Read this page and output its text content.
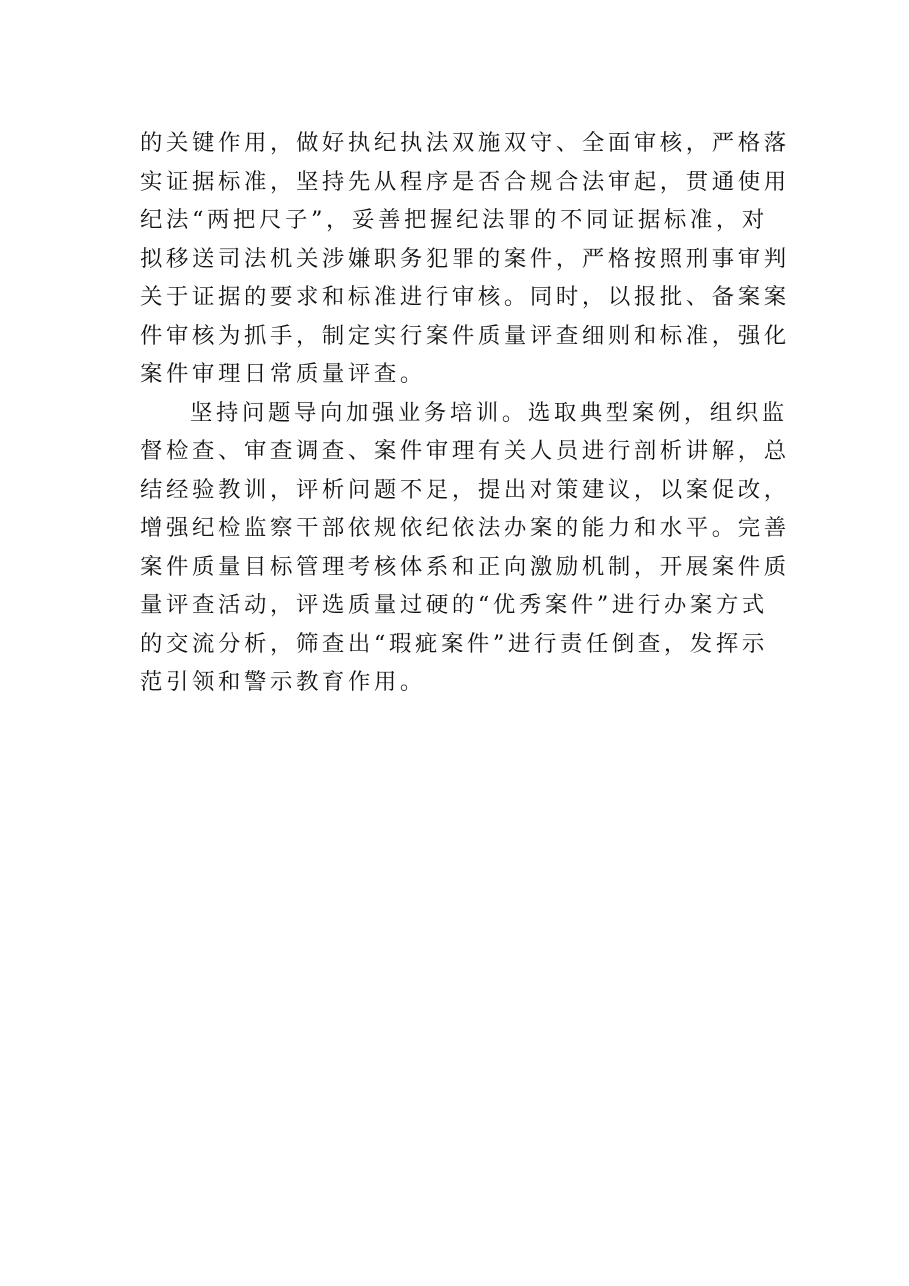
的关键作用，做好执纪执法双施双守、全面审核，严格落
实证据标准，坚持先从程序是否合规合法审起，贯通使用
纪法“两把尺子”，妥善把握纪法罪的不同证据标准，对
拟移送司法机关涉嫌职务犯罪的案件，严格按照刑事审判
关于证据的要求和标准进行审核。同时，以报批、备案案
件审核为抓手，制定实行案件质量评查细则和标准，强化
案件审理日常质量评查。

坚持问题导向加强业务培训。选取典型案例，组织监
督检查、审查调查、案件审理有关人员进行剖析讲解，总
结经验教训，评析问题不足，提出对策建议，以案促改，
增强纪检监察干部依规依纪依法办案的能力和水平。完善
案件质量目标管理考核体系和正向激励机制，开展案件质
量评查活动，评选质量过硬的“优秀案件”进行办案方式
的交流分析，筛查出“瑕疵案件”进行责任倒查，发挥示
范引领和警示教育作用。
